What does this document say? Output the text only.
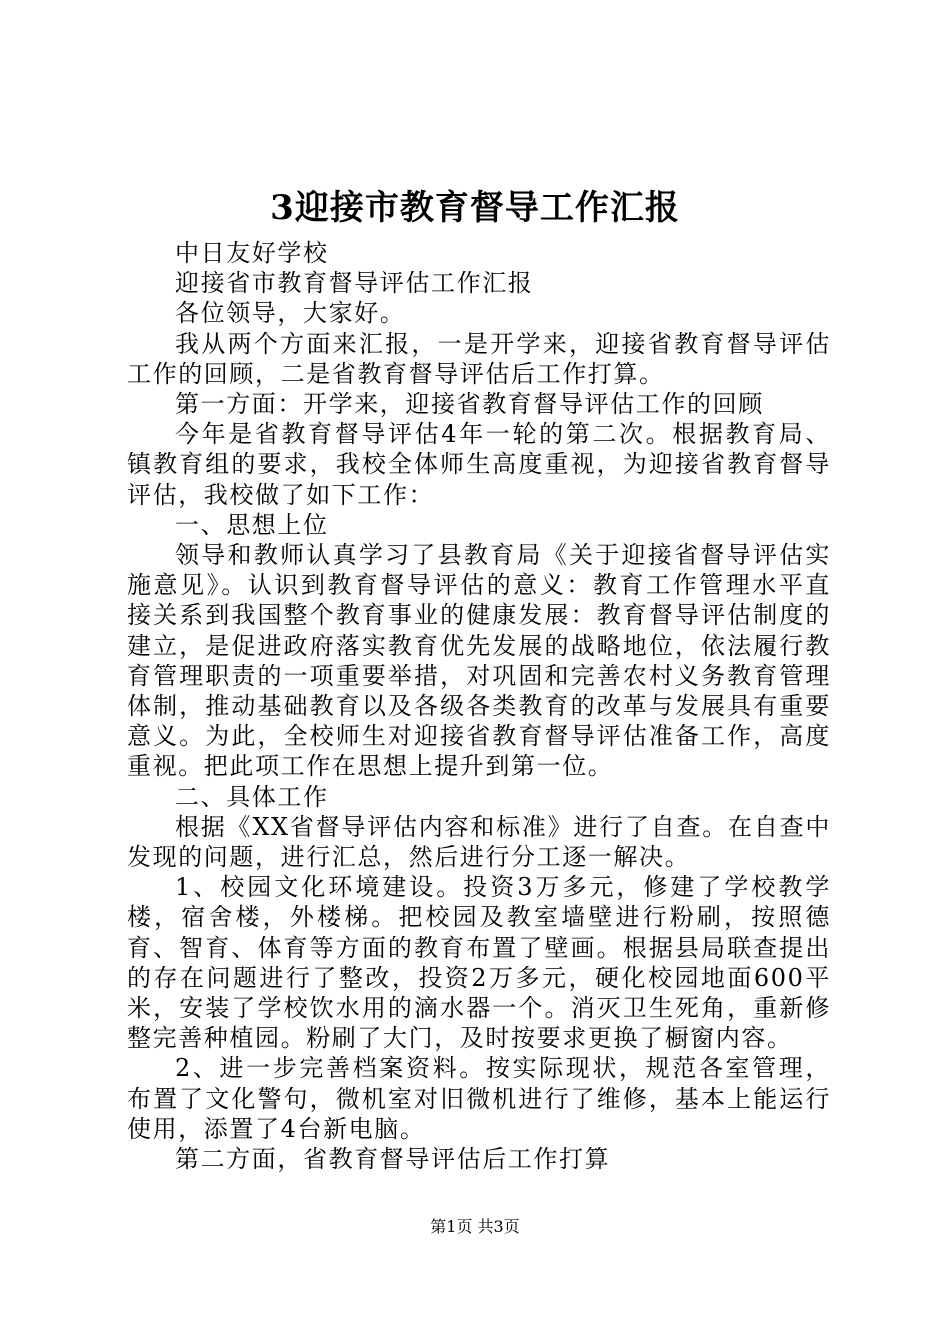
3迎接市教育督导工作汇报

中日友好学校

迎接省市教育督导评估工作汇报

各位领导，大家好。

我从两个方面来汇报，一是开学来，迎接省教育督导评估工作的回顾，二是省教育督导评估后工作打算。

第一方面：开学来，迎接省教育督导评估工作的回顾

今年是省教育督导评估4年一轮的第二次。根据教育局、镇教育组的要求，我校全体师生高度重视，为迎接省教育督导评估，我校做了如下工作：

一、思想上位

领导和教师认真学习了县教育局《关于迎接省督导评估实施意见》。认识到教育督导评估的意义：教育工作管理水平直接关系到我国整个教育事业的健康发展：教育督导评估制度的建立，是促进政府落实教育优先发展的战略地位，依法履行教育管理职责的一项重要举措，对巩固和完善农村义务教育管理体制，推动基础教育以及各级各类教育的改革与发展具有重要意义。为此，全校师生对迎接省教育督导评估准备工作，高度重视。把此项工作在思想上提升到第一位。

二、具体工作

根据《XX省督导评估内容和标准》进行了自查。在自查中发现的问题，进行汇总，然后进行分工逐一解决。

1、校园文化环境建设。投资3万多元，修建了学校教学楼，宿舍楼，外楼梯。把校园及教室墙壁进行粉刷，按照德育、智育、体育等方面的教育布置了壁画。根据县局联查提出的存在问题进行了整改，投资2万多元，硬化校园地面600平米，安装了学校饮水用的滴水器一个。消灭卫生死角，重新修整完善种植园。粉刷了大门，及时按要求更换了橱窗内容。

2、进一步完善档案资料。按实际现状，规范各室管理，布置了文化警句，微机室对旧微机进行了维修，基本上能运行使用，添置了4台新电脑。

第二方面，省教育督导评估后工作打算

第1页 共3页
